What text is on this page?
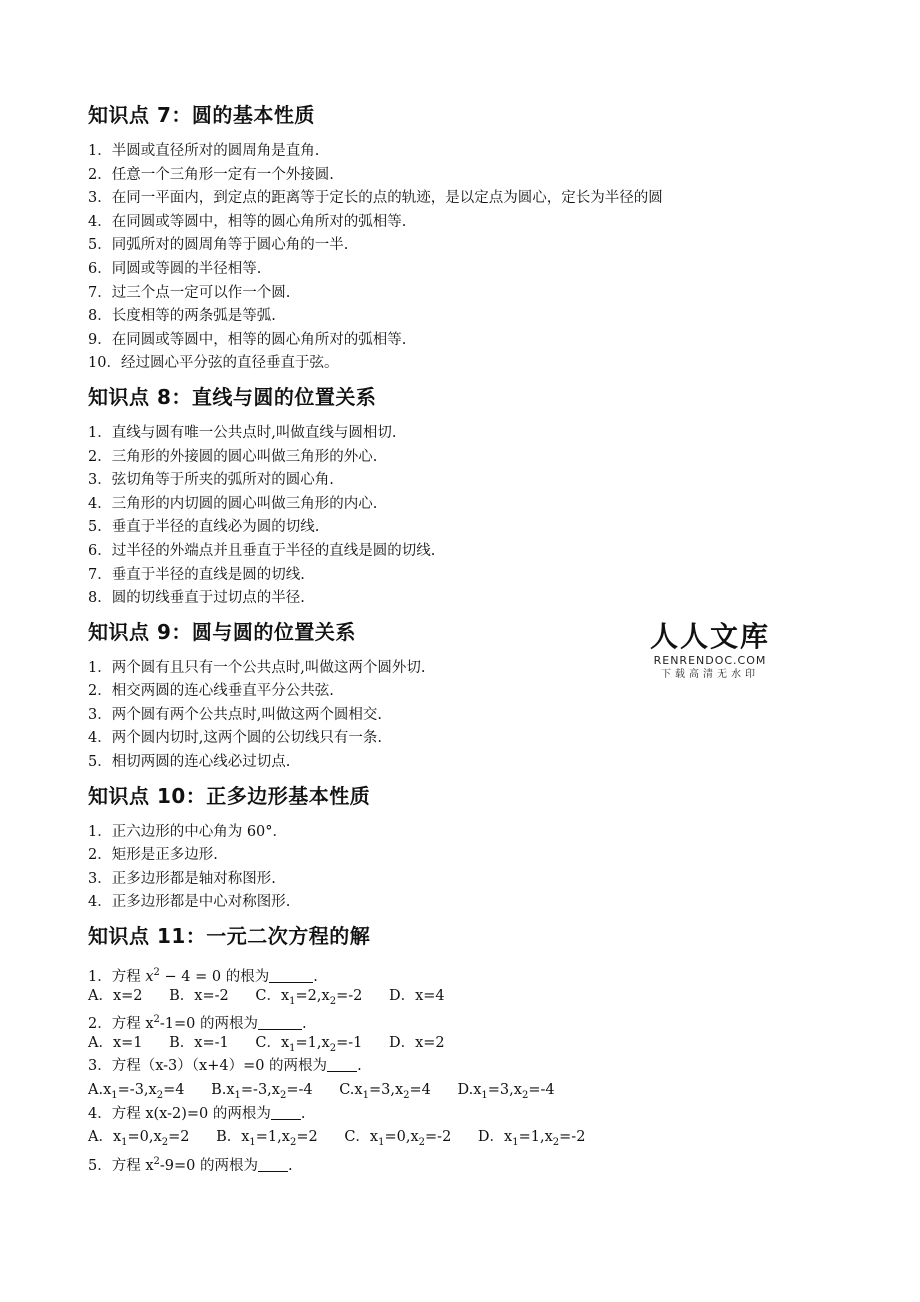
知识点 7：圆的基本性质
1．半圆或直径所对的圆周角是直角.
2．任意一个三角形一定有一个外接圆.
3．在同一平面内，到定点的距离等于定长的点的轨迹，是以定点为圆心，定长为半径的圆
4．在同圆或等圆中，相等的圆心角所对的弧相等.
5．同弧所对的圆周角等于圆心角的一半.
6．同圆或等圆的半径相等.
7．过三个点一定可以作一个圆.
8．长度相等的两条弧是等弧.
9．在同圆或等圆中，相等的圆心角所对的弧相等.
10．经过圆心平分弦的直径垂直于弦。
知识点 8：直线与圆的位置关系
1．直线与圆有唯一公共点时,叫做直线与圆相切.
2．三角形的外接圆的圆心叫做三角形的外心.
3．弦切角等于所夹的弧所对的圆心角.
4．三角形的内切圆的圆心叫做三角形的内心.
5．垂直于半径的直线必为圆的切线.
6．过半径的外端点并且垂直于半径的直线是圆的切线.
7．垂直于半径的直线是圆的切线.
8．圆的切线垂直于过切点的半径.
知识点 9：圆与圆的位置关系
1．两个圆有且只有一个公共点时,叫做这两个圆外切.
2．相交两圆的连心线垂直平分公共弦.
3．两个圆有两个公共点时,叫做这两个圆相交.
4．两个圆内切时,这两个圆的公切线只有一条.
5．相切两圆的连心线必过切点.
知识点 10：正多边形基本性质
1．正六边形的中心角为 60°．
2．矩形是正多边形.
3．正多边形都是轴对称图形.
4．正多边形都是中心对称图形.
知识点 11：一元二次方程的解
1．方程 $x^2 - 4 = 0$ 的根为	.
A．x=2 B．x=-2 C．$x_1=2,x_2=-2$ D．x=4
2．方程 $x^2-1=0$ 的两根为	.
A．x=1 B．x=-1 C．$x_1=1,x_2=-1$ D．x=2
3．方程（x-3）（x+4）=0 的两根为 .
$A.x_1=-3,x_2=4$ $B.x_1=-3,x_2=-4$ $C.x_1=3,x_2=4$ $D.x_1=3,x_2=-4$
4．方程 x(x-2)=0 的两根为 .
A．$x_1=0,x_2=2$ B．$x_1=1,x_2=2$ C．$x_1=0,x_2=-2$ D．$x_1=1,x_2=-2$
5．方程 $x^2-9=0$ 的两根为 .
人人文库
RENRENDOC.COM
下载高清无水印
